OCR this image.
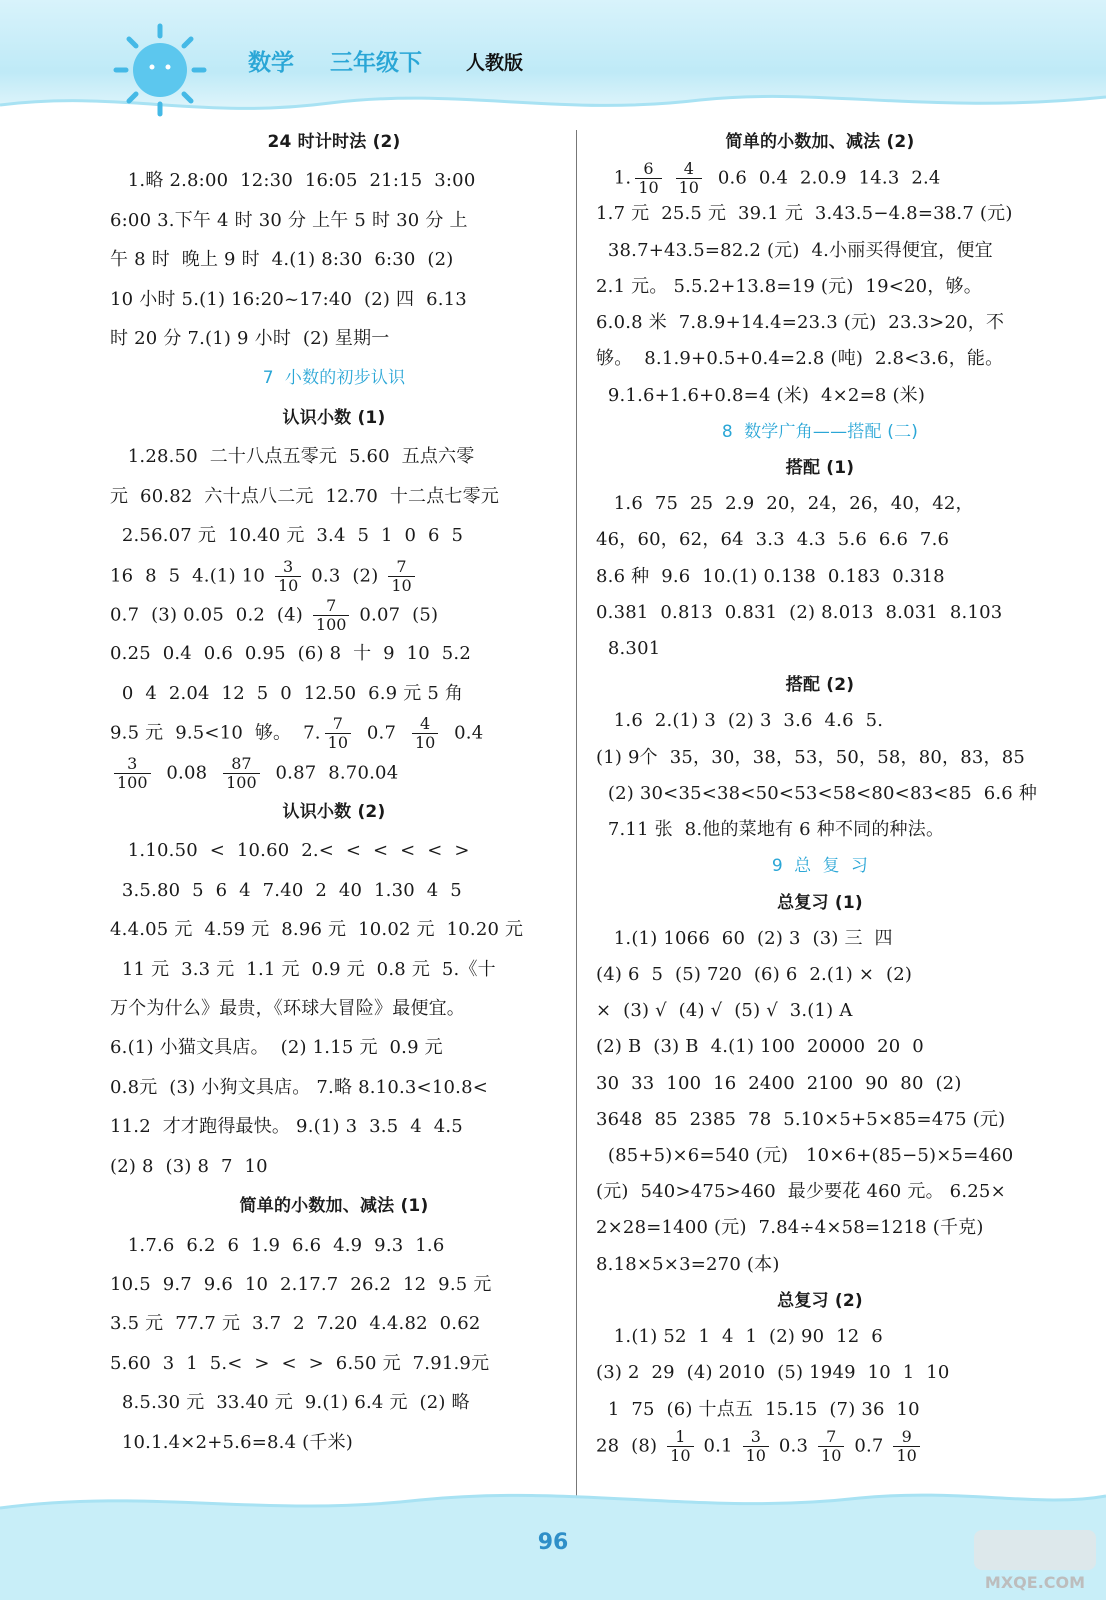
数学 三年级下 人教版
24 时计时法 (2)
1.略 2.8:00  12:30  16:05  21:15  3:00
6:00 3.下午 4 时 30 分 上午 5 时 30 分 上
午 8 时  晚上 9 时  4.(1) 8:30  6:30  (2)
10 小时 5.(1) 16:20~17:40  (2) 四  6.13
时 20 分 7.(1) 9 小时  (2) 星期一
7  小数的初步认识
认识小数 (1)
1.28.50  二十八点五零元  5.60  五点六零
元  60.82  六十点八二元  12.70  十二点七零元
2.56.07 元  10.40 元  3.4  5  1  0  6  5
16  8  5  4.(1) $10 \frac{3}{10} 0.3$  $(2) \frac{7}{10}$
0.7  (3) 0.05  0.2  $(4) \frac{7}{100} 0.07$  (5)
0.25  0.4  0.6  0.95  (6) 8  十  9  10  5.2
0  4  2.04  12  5  0  12.50  6.9 元 5 角
9.5 元  9.5<10  够。  7. $\frac{7}{10} 0.7 \frac{4}{10} 0.4$
$\frac{3}{100} 0.08 \frac{87}{100} 0.87$  8.70.04
认识小数 (2)
1.10.50  <  10.60  2.<  <  <  <  <  >
3.5.80  5  6  4  7.40  2  40  1.30  4  5
4.4.05 元  4.59 元  8.96 元  10.02 元  10.20 元
11 元  3.3 元  1.1 元  0.9 元  0.8 元  5.《十
万个为什么》最贵，《环球大冒险》最便宜。
6.(1) 小猫文具店。  (2) 1.15 元  0.9 元
0.8元  (3) 小狗文具店。 7.略 8.10.3<10.8<
11.2  才才跑得最快。 9.(1) 3  3.5  4  4.5
(2) 8  (3) 8  7  10
简单的小数加、减法 (1)
1.7.6  6.2  6  1.9  6.6  4.9  9.3  1.6
10.5  9.7  9.6  10  2.17.7  26.2  12  9.5 元
3.5 元  77.7 元  3.7  2  7.20  4.4.82  0.62
5.60  3  1  5.<  >  <  >  6.50 元  7.91.9元
8.5.30 元  33.40 元  9.(1) 6.4 元  (2) 略
10.1.4×2+5.6=8.4 (千米)
简单的小数加、减法 (2)
1. $\frac{6}{10}$
$\frac{4}{10} 0.6$  0.4  2.0.9  14.3  2.4
1.7 元  25.5 元  39.1 元  3.43.5−4.8=38.7 (元)
38.7+43.5=82.2 (元)  4.小丽买得便宜，便宜
2.1 元。 5.5.2+13.8=19 (元)  19<20，够。
6.0.8 米  7.8.9+14.4=23.3 (元)  23.3>20，不
够。  8.1.9+0.5+0.4=2.8 (吨)  2.8<3.6，能。
9.1.6+1.6+0.8=4 (米)  4×2=8 (米)
8  数学广角——搭配 (二)
搭配 (1)
1.6  75  25  2.9  20，24，26，40，42，
46，60，62，64  3.3  4.3  5.6  6.6  7.6
8.6 种  9.6  10.(1) 0.138  0.183  0.318
0.381  0.813  0.831  (2) 8.013  8.031  8.103
8.301
搭配 (2)
1.6  2.(1) 3  (2) 3  3.6  4.6  5.
(1) 9个  35，30，38，53，50，58，80，83，85
(2) 30<35<38<50<53<58<80<83<85  6.6 种
7.11 张  8.他的菜地有 6 种不同的种法。
9  总  复  习
总复习 (1)
1.(1) 1066  60  (2) 3  (3) 三  四
(4) 6  5  (5) 720  (6) 6  2.(1) ×  (2)
×  (3) √  (4) √  (5) √  3.(1) A
(2) B  (3) B  4.(1) 100  20000  20  0
30  33  100  16  2400  2100  90  80  (2)
3648  85  2385  78  5.10×5+5×85=475 (元)
(85+5)×6=540 (元)   10×6+(85−5)×5=460
(元)  540>475>460  最少要花 460 元。 6.25×
2×28=1400 (元)  7.84÷4×58=1218 (千克)
8.18×5×3=270 (本)
总复习 (2)
1.(1) 52  1  4  1  (2) 90  12  6
(3) 2  29  (4) 2010  (5) 1949  10  1  10
1  75  (6) 十点五  15.15  (7) 36  10
28  $(8) \frac{1}{10} 0.1 \frac{3}{10} 0.3 \frac{7}{10} 0.7 \frac{9}{10}$
96
MXQE.COM
